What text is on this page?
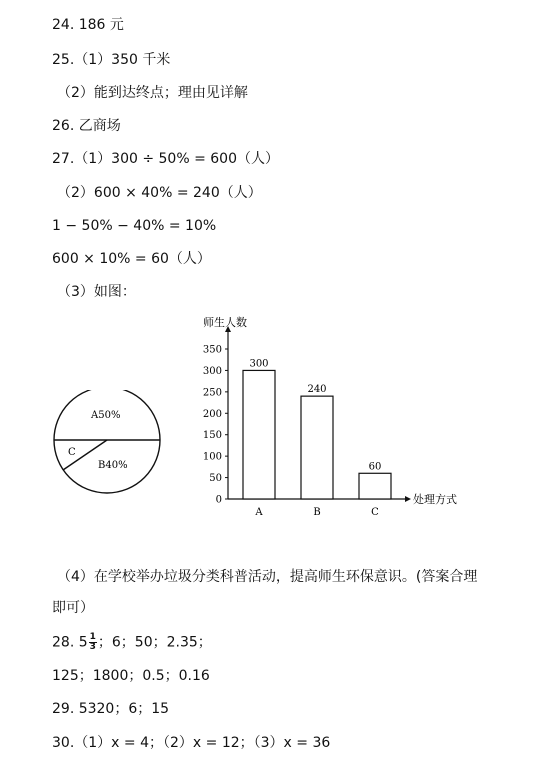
24. 186 元
25.（1）350 千米
（2）能到达终点；理由见详解
26. 乙商场
27.（1）300 ÷ 50% = 600（人）
（2）600 × 40% = 240（人）
1 − 50% − 40% = 10%
600 × 10% = 60（人）
（3）如图：
A50%
C
B40%
师生人数
处理方式
0
50
100
150
200
250
300
350
300
A
240
B
60
C
（4）在学校举办垃圾分类科普活动，提高师生环保意识。(答案合理
即可）
28. $5 \frac{1}{3}$ ；6；50；2.35；
125；1800；0.5；0.16
29. 5320；6；15
30.（1）x = 4；（2）x = 12；（3）x = 36
